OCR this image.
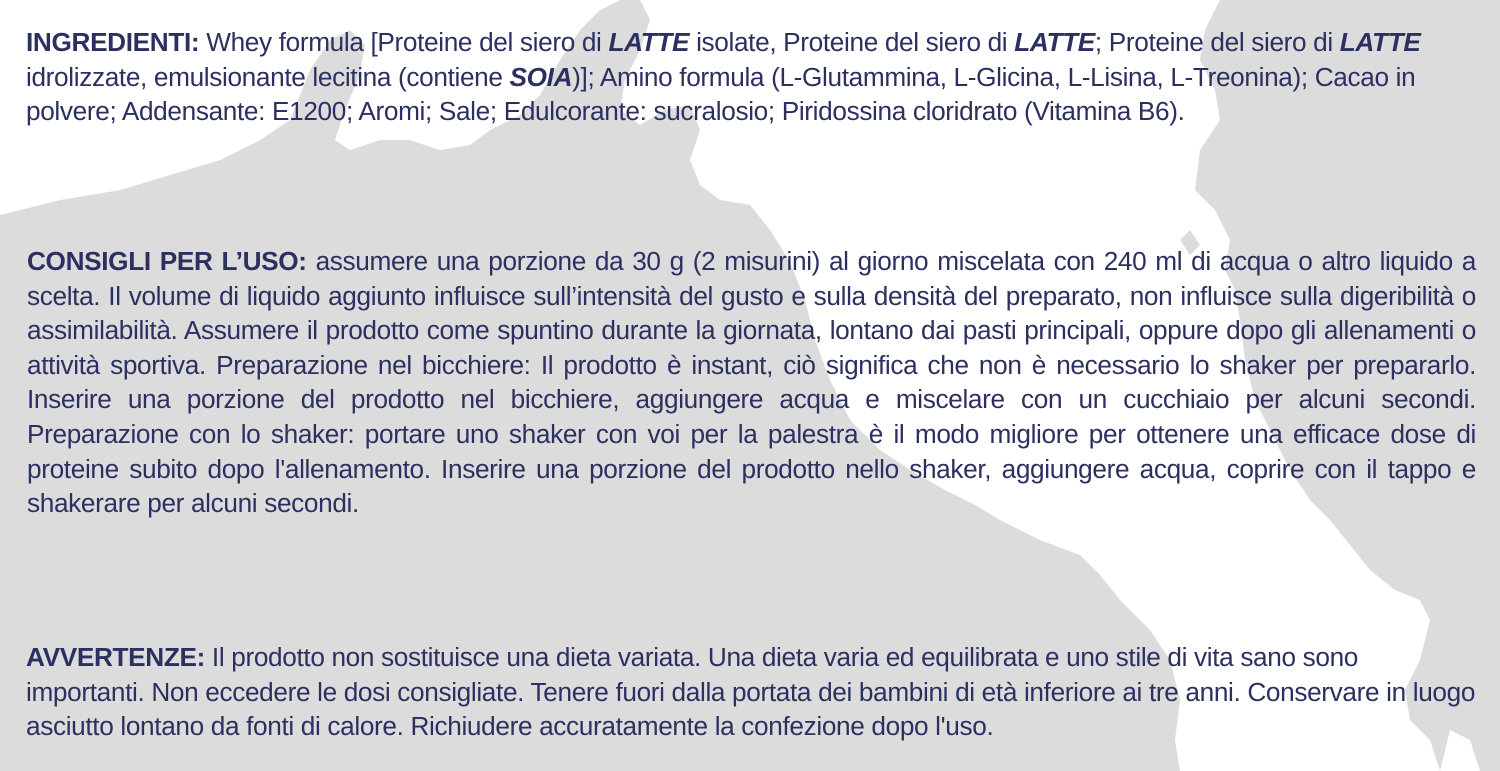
INGREDIENTI: Whey formula [Proteine del siero di LATTE isolate, Proteine del siero di LATTE; Proteine del siero di LATTE idrolizzate, emulsionante lecitina (contiene SOIA)]; Amino formula (L-Glutammina, L-Glicina, L-Lisina, L-Treonina); Cacao in polvere; Addensante: E1200; Aromi; Sale; Edulcorante: sucralosio; Piridossina cloridrato (Vitamina B6).
CONSIGLI PER L’USO: assumere una porzione da 30 g (2 misurini) al giorno miscelata con 240 ml di acqua o altro liquido a scelta. Il volume di liquido aggiunto influisce sull’intensità del gusto e sulla densità del preparato, non influisce sulla digeribilità o assimilabilità. Assumere il prodotto come spuntino durante la giornata, lontano dai pasti principali, oppure dopo gli allenamenti o attività sportiva. Preparazione nel bicchiere: Il prodotto è instant, ciò significa che non è necessario lo shaker per prepararlo. Inserire una porzione del prodotto nel bicchiere, aggiungere acqua e miscelare con un cucchiaio per alcuni secondi. Preparazione con lo shaker: portare uno shaker con voi per la palestra è il modo migliore per ottenere una efficace dose di proteine subito dopo l'allenamento. Inserire una porzione del prodotto nello shaker, aggiungere acqua, coprire con il tappo e shakerare per alcuni secondi.
AVVERTENZE: Il prodotto non sostituisce una dieta variata. Una dieta varia ed equilibrata e uno stile di vita sano sono importanti. Non eccedere le dosi consigliate. Tenere fuori dalla portata dei bambini di età inferiore ai tre anni. Conservare in luogo asciutto lontano da fonti di calore. Richiudere accuratamente la confezione dopo l'uso.
